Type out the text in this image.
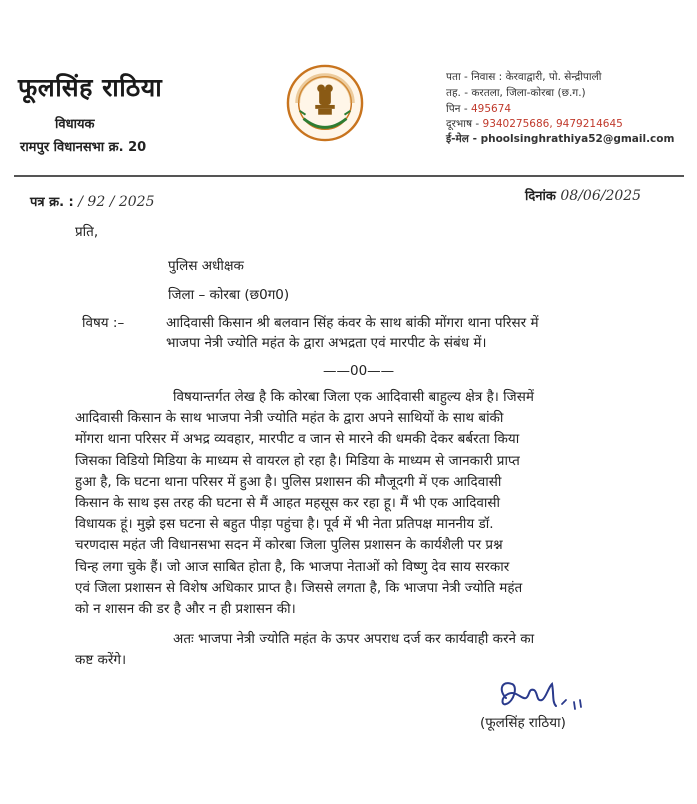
फूलसिंह राठिया
विधायक
रामपुर विधानसभा क्र. 20
पता - निवास : केरवाद्वारी, पो. सेन्द्रीपाली
तह. - करतला, जिला-कोरबा (छ.ग.)
पिन - 495674
दूरभाष - 9340275686, 9479214645
ई-मेल - phoolsinghrathiya52@gmail.com
पत्र क्र. : / 92 / 2025	दिनांक 08/06/2025
प्रति,
पुलिस अधीक्षक
जिला – कोरबा (छ0ग0)
विषय :–	आदिवासी किसान श्री बलवान सिंह कंवर के साथ बांकी मोंगरा थाना परिसर में
भाजपा नेत्री ज्योति महंत के द्वारा अभद्रता एवं मारपीट के संबंध में।
——00——
विषयान्तर्गत लेख है कि कोरबा जिला एक आदिवासी बाहुल्य क्षेत्र है। जिसमें
आदिवासी किसान के साथ भाजपा नेत्री ज्योति महंत के द्वारा अपने साथियों के साथ बांकी
मोंगरा थाना परिसर में अभद्र व्यवहार, मारपीट व जान से मारने की धमकी देकर बर्बरता किया
जिसका विडियो मिडिया के माध्यम से वायरल हो रहा है। मिडिया के माध्यम से जानकारी प्राप्त
हुआ है, कि घटना थाना परिसर में हुआ है। पुलिस प्रशासन की मौजूदगी में एक आदिवासी
किसान के साथ इस तरह की घटना से मैं आहत महसूस कर रहा हू। मैं भी एक आदिवासी
विधायक हूं। मुझे इस घटना से बहुत पीड़ा पहुंचा है। पूर्व में भी नेता प्रतिपक्ष माननीय डॉ.
चरणदास महंत जी विधानसभा सदन में कोरबा जिला पुलिस प्रशासन के कार्यशैली पर प्रश्न
चिन्ह लगा चुके हैं। जो आज साबित होता है, कि भाजपा नेताओं को विष्णु देव साय सरकार
एवं जिला प्रशासन से विशेष अधिकार प्राप्त है। जिससे लगता है, कि भाजपा नेत्री ज्योति महंत
को न शासन की डर है और न ही प्रशासन की।
अतः भाजपा नेत्री ज्योति महंत के ऊपर अपराध दर्ज कर कार्यवाही करने का
कष्ट करेंगे।
(फूलसिंह राठिया)
